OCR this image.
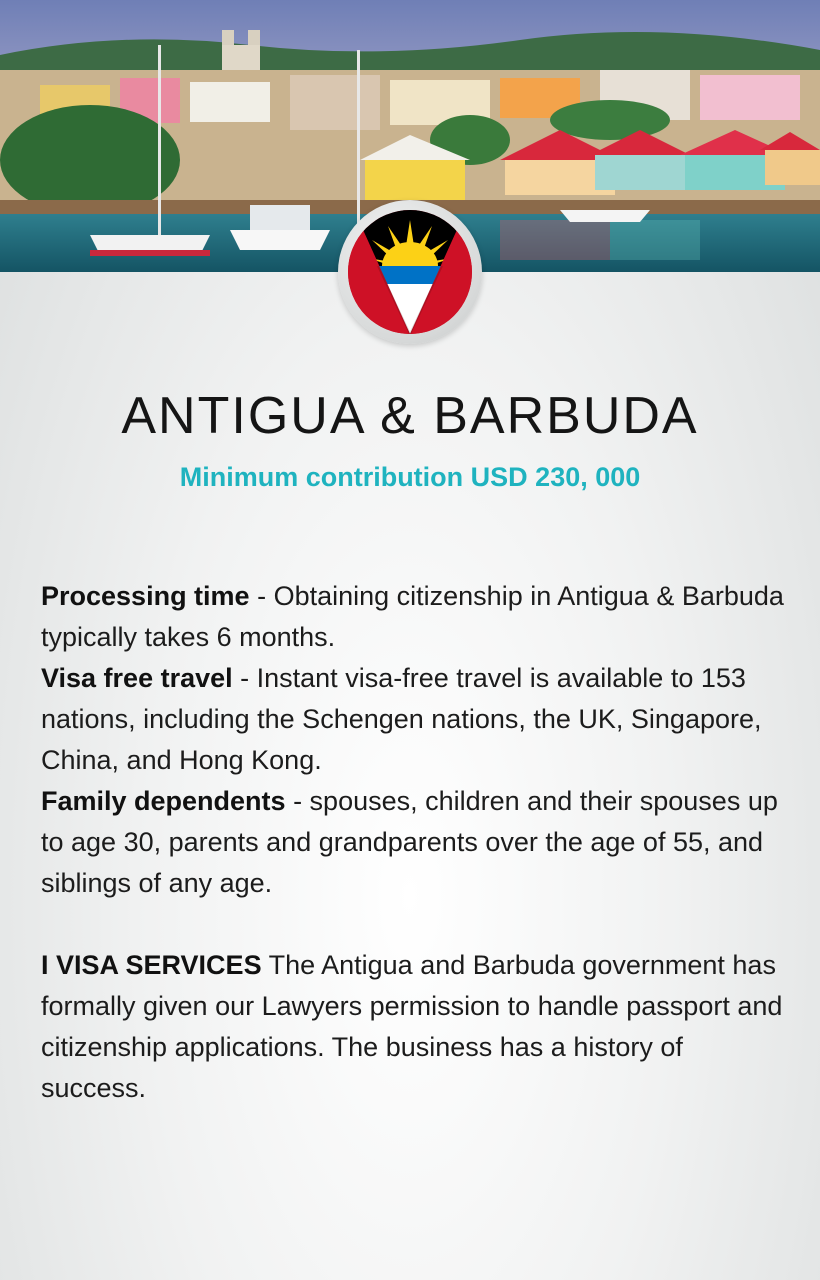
ANTIGUA & BARBUDA

Minimum contribution USD 230, 000

Processing time - Obtaining citizenship in Antigua & Barbuda typically takes 6 months.

Visa free travel - Instant visa-free travel is available to 153 nations, including the Schengen nations, the UK, Singapore, China, and Hong Kong.

Family dependents - spouses, children and their spouses up to age 30, parents and grandparents over the age of 55, and siblings of any age.

I VISA SERVICES The Antigua and Barbuda government has formally given our Lawyers permission to handle passport and citizenship applications. The business has a history of success.
